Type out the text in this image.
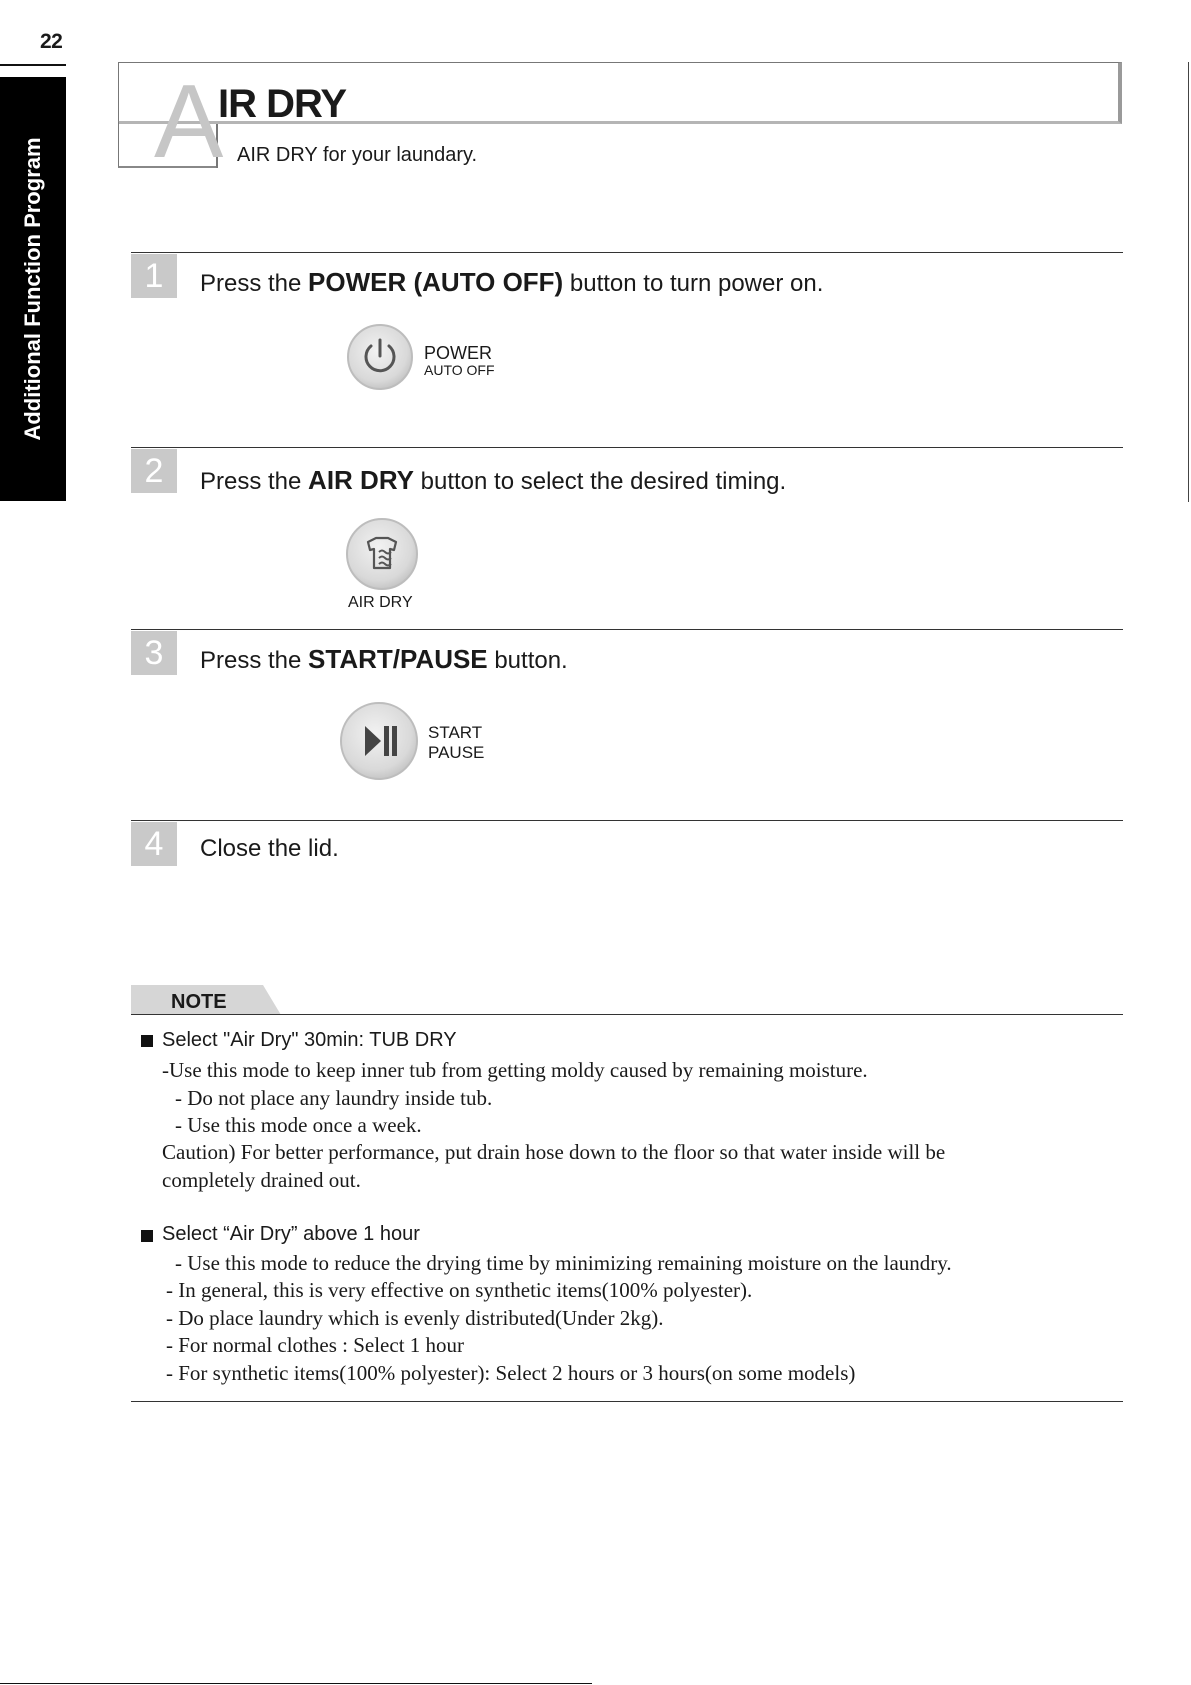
22
Additional Function Program
A
IR DRY
AIR DRY for your laundary.
1	Press the POWER (AUTO OFF) button to turn power on.
POWER
AUTO OFF
2	Press the AIR DRY button to select the desired timing.
AIR DRY
3	Press the START/PAUSE button.
START
PAUSE
4	Close the lid.
NOTE
Select "Air Dry" 30min: TUB DRY
-Use this mode to keep inner tub from getting moldy caused by remaining moisture.
- Do not place any laundry inside tub.
- Use this mode once a week.
Caution) For better performance, put drain hose down to the floor so that water inside will be
completely drained out.
Select “Air Dry” above 1 hour
- Use this mode to reduce the drying time by minimizing remaining moisture on the laundry.
- In general, this is very effective on synthetic items(100% polyester).
- Do place laundry which is evenly distributed(Under 2kg).
- For normal clothes : Select 1 hour
- For synthetic items(100% polyester): Select 2 hours or 3 hours(on some models)
